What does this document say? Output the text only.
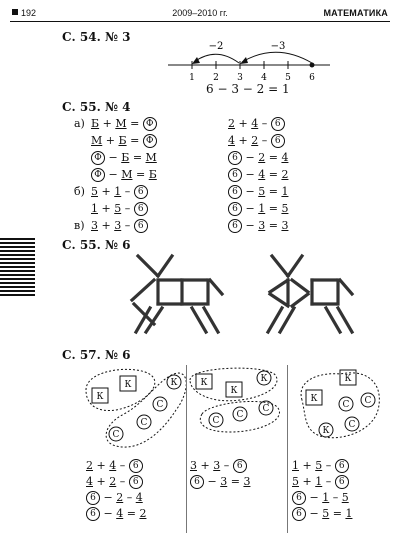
192	2009–2010 гг.	МАТЕМАТИКА
С. 54. № 3
−2	−3
1 2 3 4 5 6
6 − 3 − 2 = 1
С. 55. № 4
а) Б + М = Ф
М + Б = Ф
Ф − Б = М
Ф − М = Б
б) 5 + 1 – 6
1 + 5 – 6
в) 3 + 3 – 6
2 + 4 – 6
4 + 2 – 6
6 − 2 = 4
6 − 4 = 2
6 − 5 = 1
6 − 1 = 5
6 − 3 = 3
С. 55. № 6
С. 57. № 6
К
К	К
С
С
С
К
К
К
С
С
С
К
К
С С
С
К
2 + 4 – 6
4 + 2 – 6
6 − 2 – 4
6 − 4 = 2
3 + 3 – 6
6 − 3 = 3
1 + 5 – 6
5 + 1 – 6
6 − 1 – 5
6 − 5 = 1
